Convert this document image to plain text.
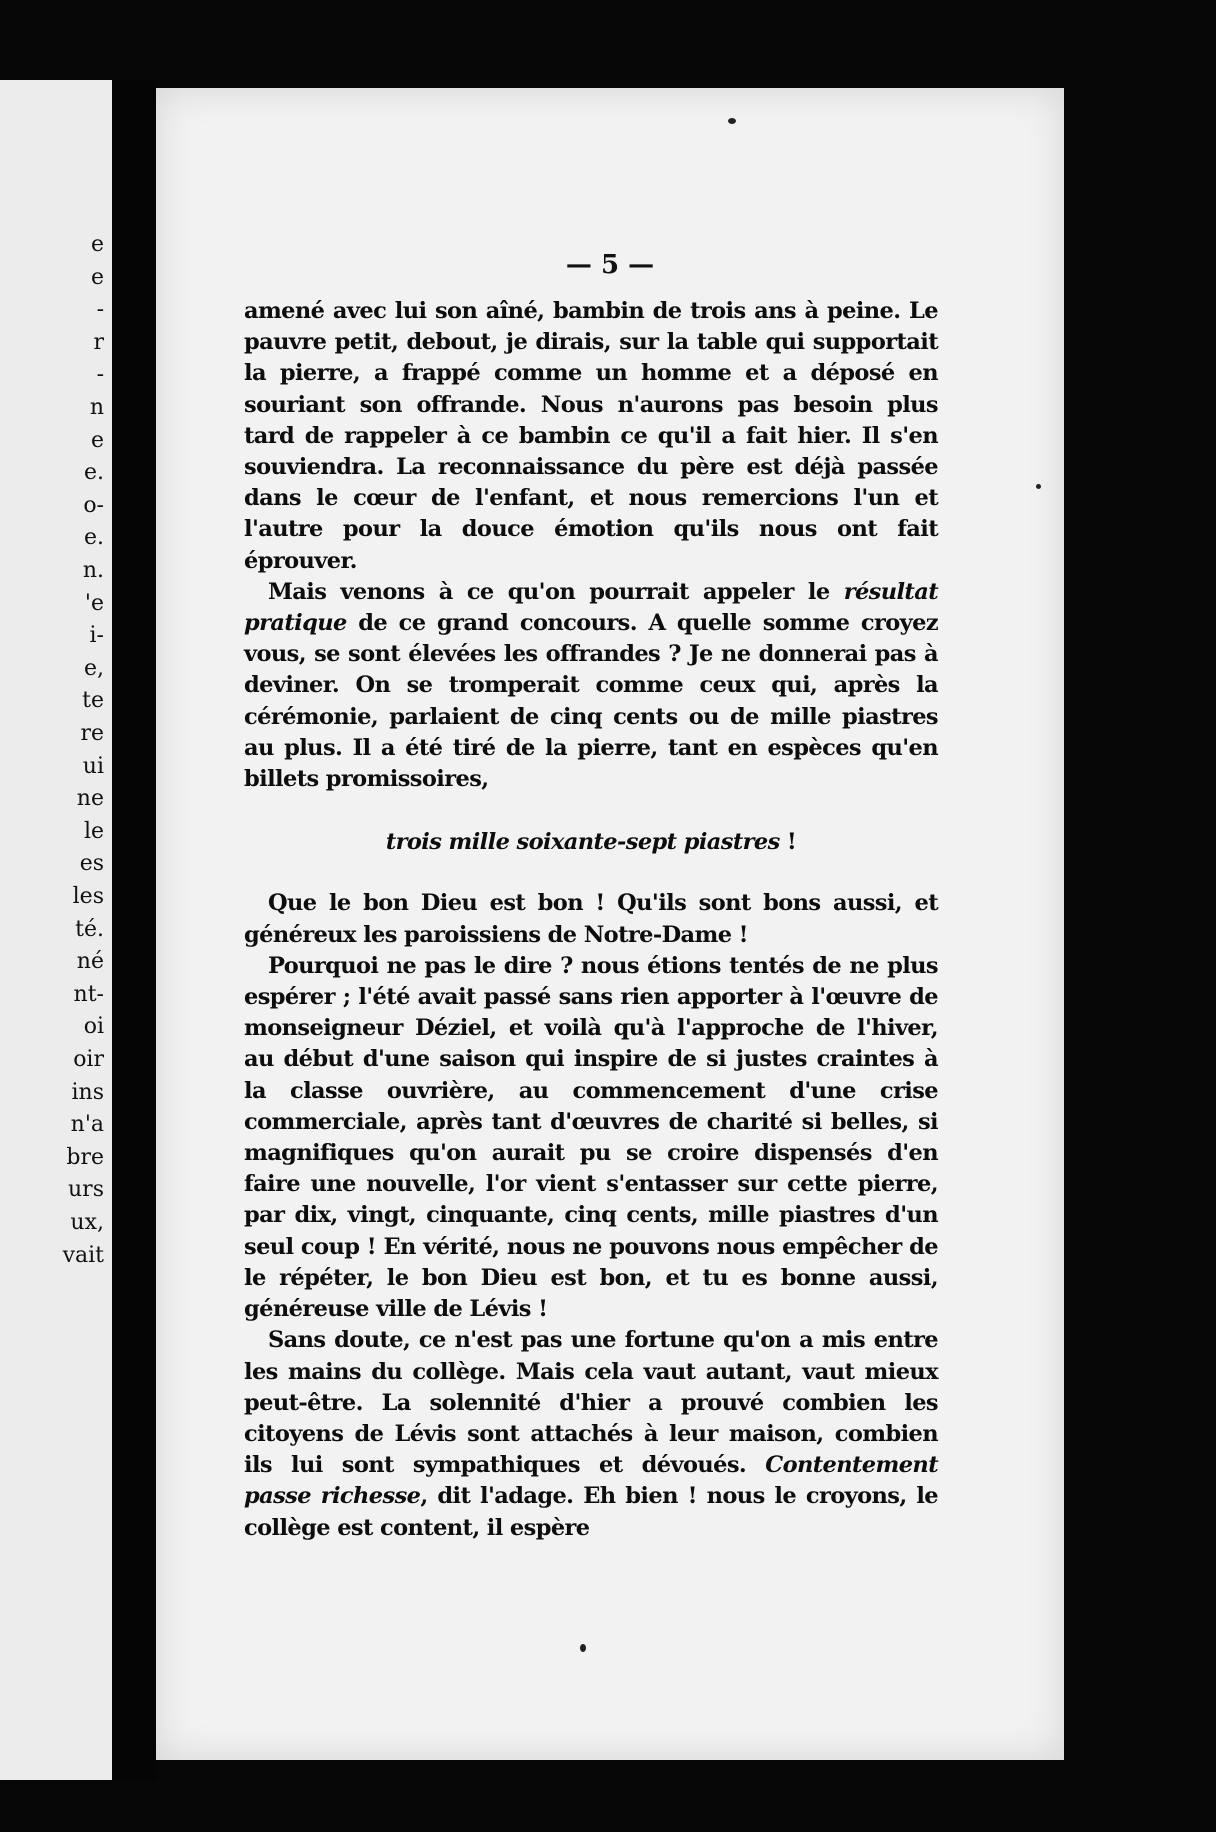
e
e
-
r
-
n
e
e.
o-
e.
n.
'e
i-
e,
te
re
ui
ne
le
es
les
té.
né
nt-
oi
oir
ins
n'a
bre
urs
ux,
vait
— 5 —

amené avec lui son aîné, bambin de trois ans à peine. Le pauvre petit, debout, je dirais, sur la table qui supportait la pierre, a frappé comme un homme et a déposé en souriant son offrande. Nous n'aurons pas besoin plus tard de rappeler à ce bambin ce qu'il a fait hier. Il s'en souviendra. La reconnaissance du père est déjà passée dans le cœur de l'enfant, et nous remercions l'un et l'autre pour la douce émotion qu'ils nous ont fait éprouver.

Mais venons à ce qu'on pourrait appeler le résultat pratique de ce grand concours. A quelle somme croyez vous, se sont élevées les offrandes ? Je ne donnerai pas à deviner. On se tromperait comme ceux qui, après la cérémonie, parlaient de cinq cents ou de mille piastres au plus. Il a été tiré de la pierre, tant en espèces qu'en billets promissoires,

trois mille soixante-sept piastres !

Que le bon Dieu est bon ! Qu'ils sont bons aussi, et généreux les paroissiens de Notre-Dame !

Pourquoi ne pas le dire ? nous étions tentés de ne plus espérer ; l'été avait passé sans rien apporter à l'œuvre de monseigneur Déziel, et voilà qu'à l'approche de l'hiver, au début d'une saison qui inspire de si justes craintes à la classe ouvrière, au commencement d'une crise commerciale, après tant d'œuvres de charité si belles, si magnifiques qu'on aurait pu se croire dispensés d'en faire une nouvelle, l'or vient s'entasser sur cette pierre, par dix, vingt, cinquante, cinq cents, mille piastres d'un seul coup ! En vérité, nous ne pouvons nous empêcher de le répéter, le bon Dieu est bon, et tu es bonne aussi, généreuse ville de Lévis !

Sans doute, ce n'est pas une fortune qu'on a mis entre les mains du collège. Mais cela vaut autant, vaut mieux peut-être. La solennité d'hier a prouvé combien les citoyens de Lévis sont attachés à leur maison, combien ils lui sont sympathiques et dévoués. Contentement passe richesse, dit l'adage. Eh bien ! nous le croyons, le collège est content, il espère
